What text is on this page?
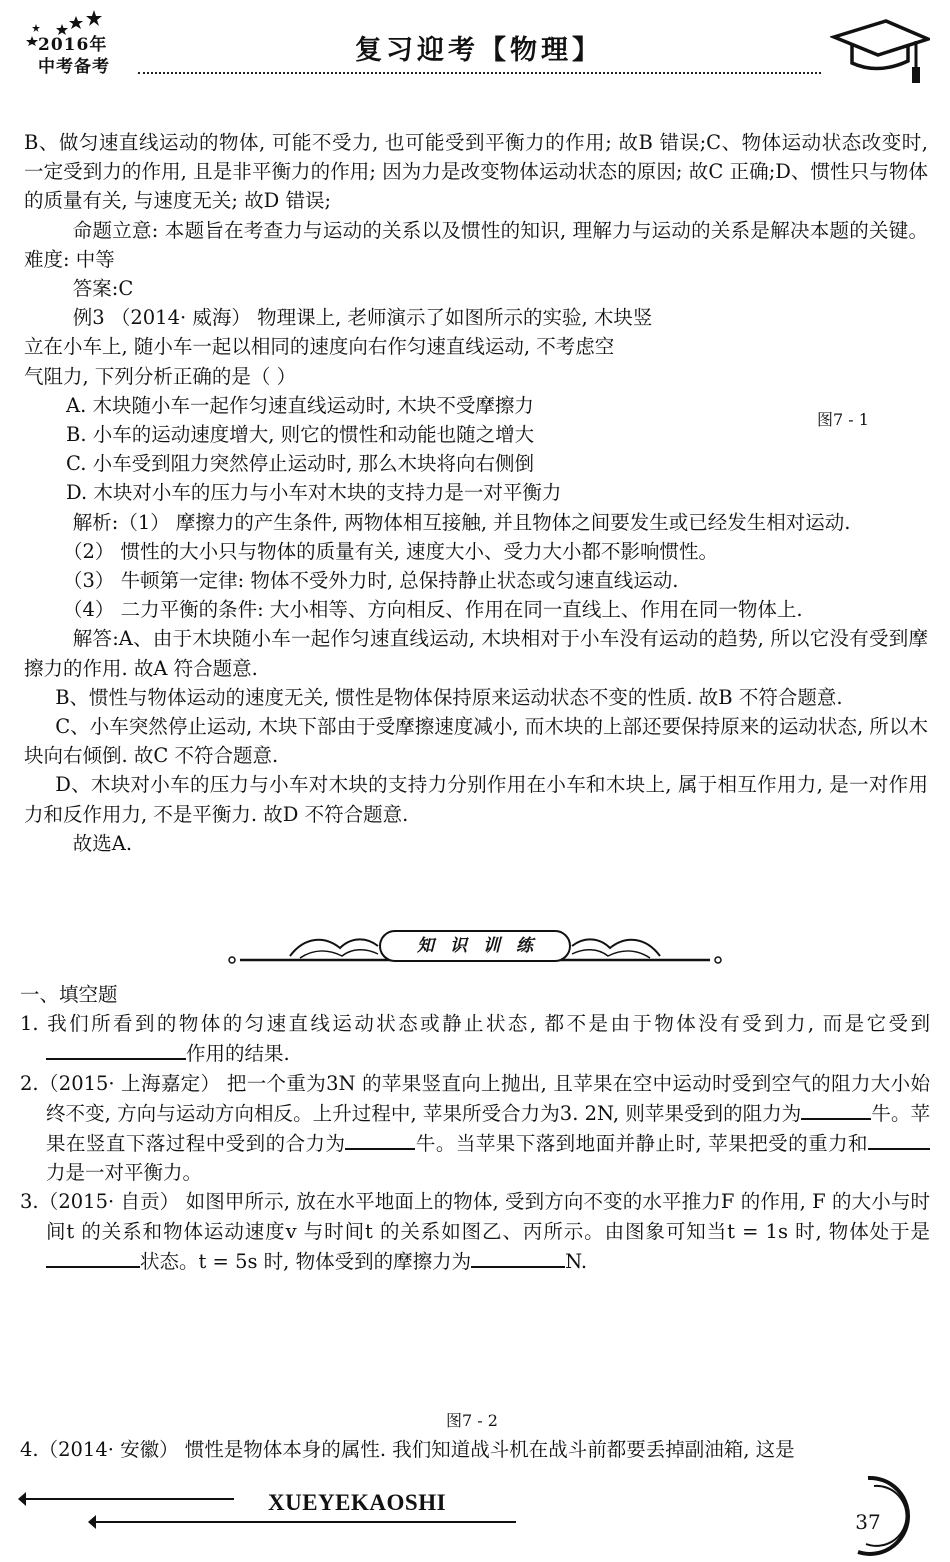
2016年
中考备考
复习迎考【物理】

B、做匀速直线运动的物体, 可能不受力, 也可能受到平衡力的作用; 故B 错误;C、物体运动状态改变时, 一定受到力的作用, 且是非平衡力的作用; 因为力是改变物体运动状态的原因; 故C 正确;D、惯性只与物体的质量有关, 与速度无关; 故D 错误;

命题立意: 本题旨在考查力与运动的关系以及惯性的知识, 理解力与运动的关系是解决本题的关键。难度: 中等

答案:C

例3 （2014· 威海） 物理课上, 老师演示了如图所示的实验, 木块竖

立在小车上, 随小车一起以相同的速度向右作匀速直线运动, 不考虑空

气阻力, 下列分析正确的是（ ）

A. 木块随小车一起作匀速直线运动时, 木块不受摩擦力

B. 小车的运动速度增大, 则它的惯性和动能也随之增大

C. 小车受到阻力突然停止运动时, 那么木块将向右侧倒

D. 木块对小车的压力与小车对木块的支持力是一对平衡力

解析:（1） 摩擦力的产生条件, 两物体相互接触, 并且物体之间要发生或已经发生相对运动.

（2） 惯性的大小只与物体的质量有关, 速度大小、受力大小都不影响惯性。

（3） 牛顿第一定律: 物体不受外力时, 总保持静止状态或匀速直线运动.

（4） 二力平衡的条件: 大小相等、方向相反、作用在同一直线上、作用在同一物体上.

解答:A、由于木块随小车一起作匀速直线运动, 木块相对于小车没有运动的趋势, 所以它没有受到摩擦力的作用. 故A 符合题意.

B、惯性与物体运动的速度无关, 惯性是物体保持原来运动状态不变的性质. 故B 不符合题意.

C、小车突然停止运动, 木块下部由于受摩擦速度减小, 而木块的上部还要保持原来的运动状态, 所以木块向右倾倒. 故C 不符合题意.

D、木块对小车的压力与小车对木块的支持力分别作用在小车和木块上, 属于相互作用力, 是一对作用力和反作用力, 不是平衡力. 故D 不符合题意.

故选A.

图7 - 1
知识训练

一、填空题

1. 我们所看到的物体的匀速直线运动状态或静止状态, 都不是由于物体没有受到力, 而是它受到作用的结果.

2.（2015· 上海嘉定） 把一个重为3N 的苹果竖直向上抛出, 且苹果在空中运动时受到空气的阻力大小始终不变, 方向与运动方向相反。上升过程中, 苹果所受合力为3. 2N, 则苹果受到的阻力为	牛。苹果在竖直下落过程中受到的合力为	牛。当苹果下落到地面并静止时, 苹果把受的重力和力是一对平衡力。

3.（2015· 自贡） 如图甲所示, 放在水平地面上的物体, 受到方向不变的水平推力F 的作用, F 的大小与时间t 的关系和物体运动速度v 与时间t 的关系如图乙、丙所示。由图象可知当t = 1s 时, 物体处于是状态。t = 5s 时, 物体受到的摩擦力为	N.

图7 - 2
4.（2014· 安徽） 惯性是物体本身的属性. 我们知道战斗机在战斗前都要丢掉副油箱, 这是
XUEYEKAOSHI
37
